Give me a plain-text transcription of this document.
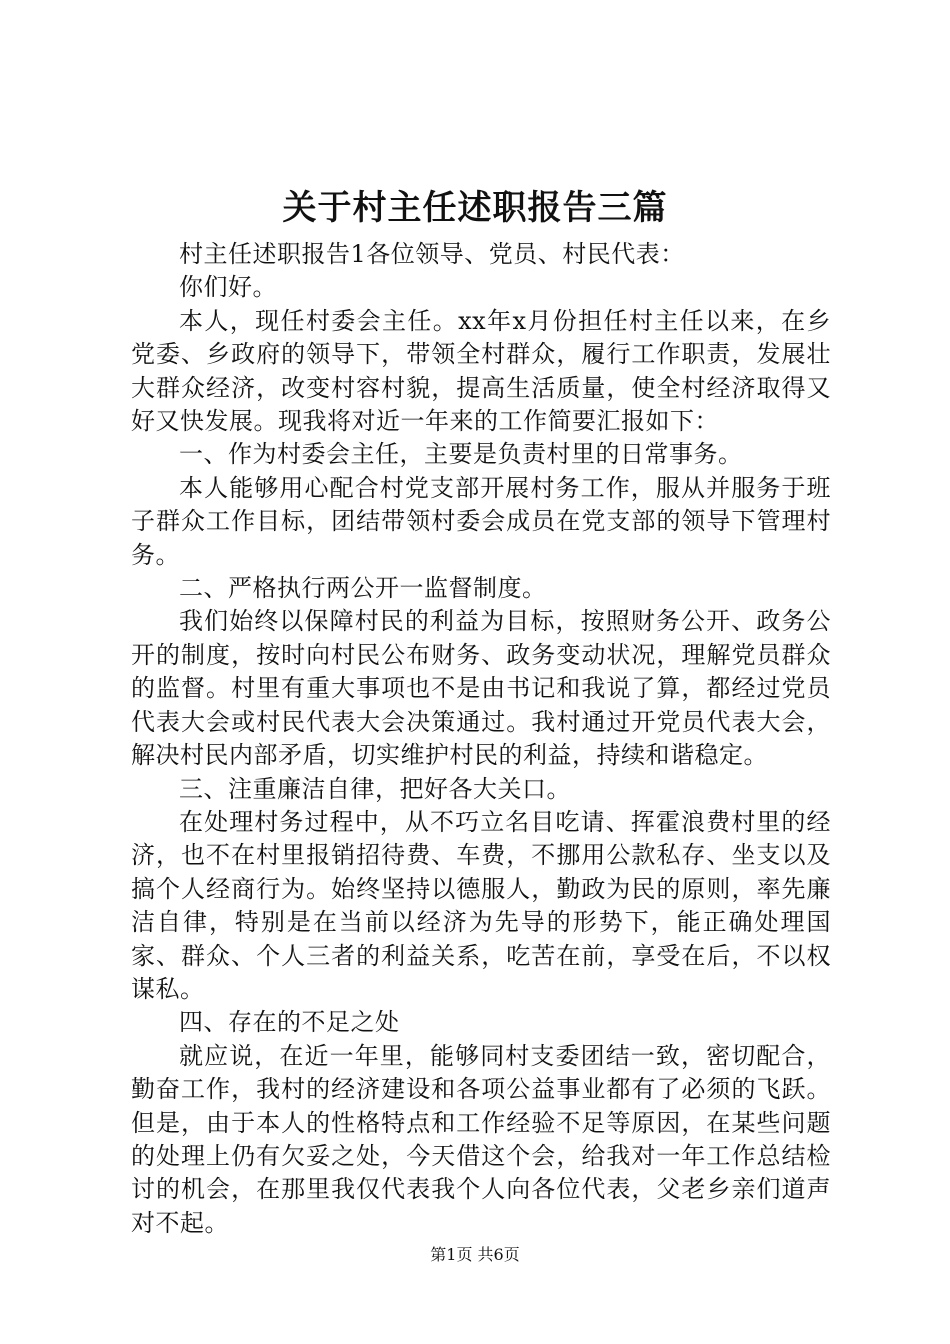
关于村主任述职报告三篇

村主任述职报告1各位领导、党员、村民代表：

你们好。

本人，现任村委会主任。xx年x月份担任村主任以来，在乡党委、乡政府的领导下，带领全村群众，履行工作职责，发展壮大群众经济，改变村容村貌，提高生活质量，使全村经济取得又好又快发展。现我将对近一年来的工作简要汇报如下：

一、作为村委会主任，主要是负责村里的日常事务。

本人能够用心配合村党支部开展村务工作，服从并服务于班子群众工作目标，团结带领村委会成员在党支部的领导下管理村务。

二、严格执行两公开一监督制度。

我们始终以保障村民的利益为目标，按照财务公开、政务公开的制度，按时向村民公布财务、政务变动状况，理解党员群众的监督。村里有重大事项也不是由书记和我说了算，都经过党员代表大会或村民代表大会决策通过。我村通过开党员代表大会，解决村民内部矛盾，切实维护村民的利益，持续和谐稳定。

三、注重廉洁自律，把好各大关口。

在处理村务过程中，从不巧立名目吃请、挥霍浪费村里的经济，也不在村里报销招待费、车费，不挪用公款私存、坐支以及搞个人经商行为。始终坚持以德服人，勤政为民的原则，率先廉洁自律，特别是在当前以经济为先导的形势下，能正确处理国家、群众、个人三者的利益关系，吃苦在前，享受在后，不以权谋私。

四、存在的不足之处

就应说，在近一年里，能够同村支委团结一致，密切配合，勤奋工作，我村的经济建设和各项公益事业都有了必须的飞跃。但是，由于本人的性格特点和工作经验不足等原因，在某些问题的处理上仍有欠妥之处，今天借这个会，给我对一年工作总结检讨的机会，在那里我仅代表我个人向各位代表，父老乡亲们道声对不起。

第1页 共6页
